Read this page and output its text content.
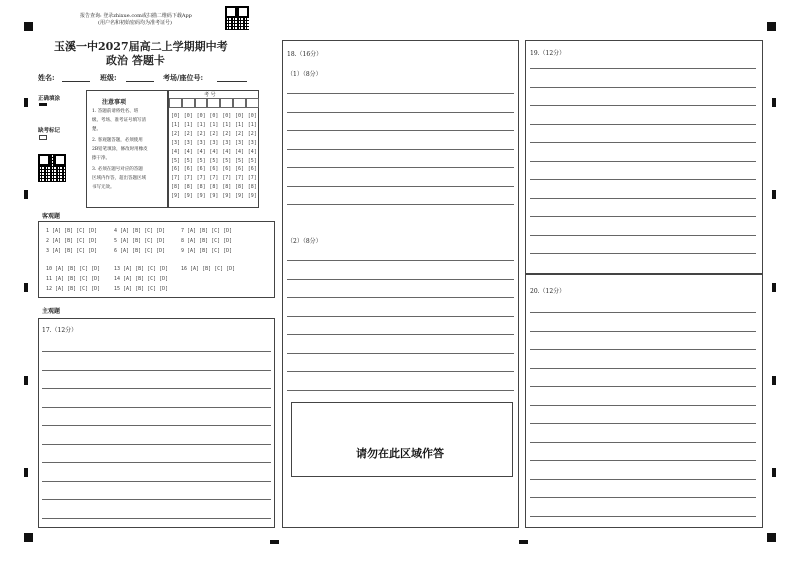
报告查询: 登录zhixue.com或扫描二维码下载App
(用户名和初始密码均为准考证号)
玉溪一中2027届高二上学期期中考
政治 答题卡
姓名:	班级:	考场/座位号:
正确填涂
缺考标记
注意事项
1. 答题前请将姓名、班
级、考场、准考证号填写清
楚。
2. 客观题答题，必须使用
2B铅笔填涂，修改时用橡皮
擦干净。
3. 必须在题号对应的答题
区域内作答，超出答题区域
书写无效。
考 号
[0] [0] [0] [0] [0] [0] [0]
[1] [1] [1] [1] [1] [1] [1]
[2] [2] [2] [2] [2] [2] [2]
[3] [3] [3] [3] [3] [3] [3]
[4] [4] [4] [4] [4] [4] [4]
[5] [5] [5] [5] [5] [5] [5]
[6] [6] [6] [6] [6] [6] [6]
[7] [7] [7] [7] [7] [7] [7]
[8] [8] [8] [8] [8] [8] [8]
[9] [9] [9] [9] [9] [9] [9]
客观题
1 [A] [B] [C] [D]	4 [A] [B] [C] [D]	7 [A] [B] [C] [D]
2 [A] [B] [C] [D]	5 [A] [B] [C] [D]	8 [A] [B] [C] [D]
3 [A] [B] [C] [D]	6 [A] [B] [C] [D]	9 [A] [B] [C] [D]
10 [A] [B] [C] [D]	13 [A] [B] [C] [D]	16 [A] [B] [C] [D]
11 [A] [B] [C] [D]	14 [A] [B] [C] [D]
12 [A] [B] [C] [D]	15 [A] [B] [C] [D]
主观题
17.（12分）
18.（16分）
（1）（8分）
（2）（8分）
请勿在此区域作答
19.（12分）
20.（12分）
